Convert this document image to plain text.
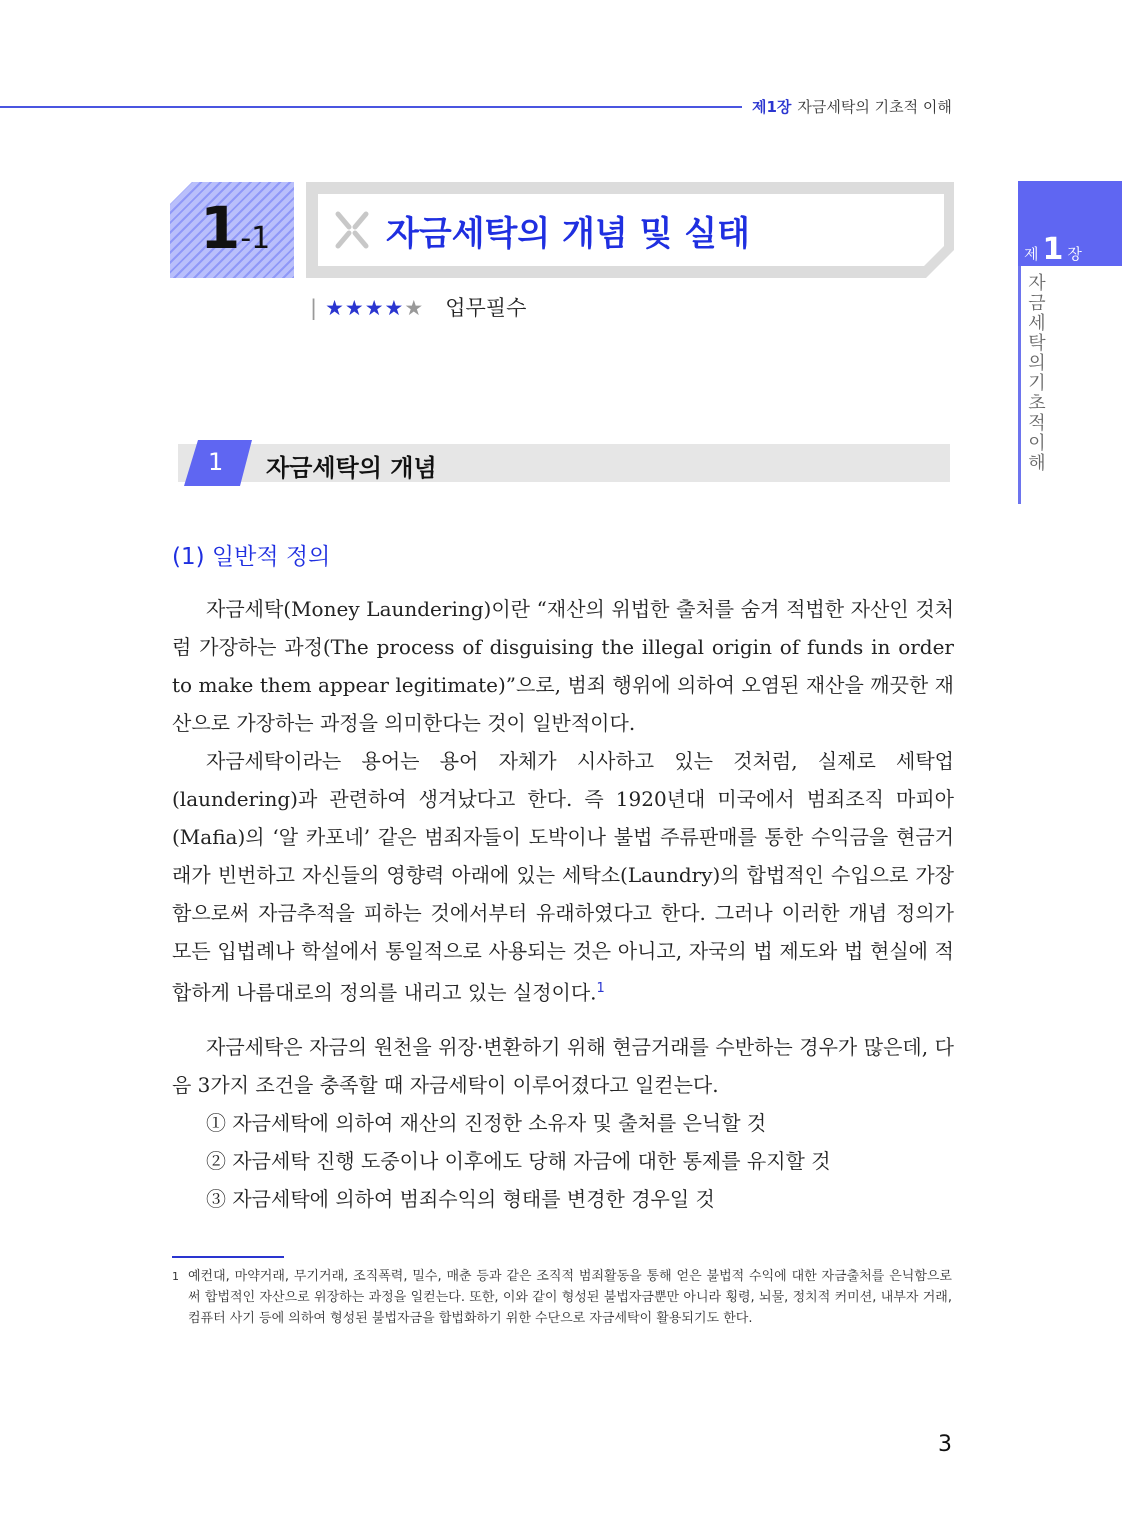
제1장 자금세탁의 기초적 이해
제 1 장
자금세탁의 기초적 이해
1-1	자금세탁의 개념 및 실태
| ★★★★★ 업무필수
1 자금세탁의 개념
(1) 일반적 정의

자금세탁(Money Laundering)이란 “재산의 위법한 출처를 숨겨 적법한 자산인 것처럼 가장하는 과정(The process of disguising the illegal origin of funds in order to make them appear legitimate)”으로, 범죄 행위에 의하여 오염된 재산을 깨끗한 재산으로 가장하는 과정을 의미한다는 것이 일반적이다.

자금세탁이라는 용어는 용어 자체가 시사하고 있는 것처럼, 실제로 세탁업(laundering)과 관련하여 생겨났다고 한다. 즉 1920년대 미국에서 범죄조직 마피아(Mafia)의 ‘알 카포네’ 같은 범죄자들이 도박이나 불법 주류판매를 통한 수익금을 현금거래가 빈번하고 자신들의 영향력 아래에 있는 세탁소(Laundry)의 합법적인 수입으로 가장함으로써 자금추적을 피하는 것에서부터 유래하였다고 한다. 그러나 이러한 개념 정의가 모든 입법례나 학설에서 통일적으로 사용되는 것은 아니고, 자국의 법 제도와 법 현실에 적합하게 나름대로의 정의를 내리고 있는 실정이다.$^1$

자금세탁은 자금의 원천을 위장·변환하기 위해 현금거래를 수반하는 경우가 많은데, 다음 3가지 조건을 충족할 때 자금세탁이 이루어졌다고 일컫는다.

① 자금세탁에 의하여 재산의 진정한 소유자 및 출처를 은닉할 것
② 자금세탁 진행 도중이나 이후에도 당해 자금에 대한 통제를 유지할 것
③ 자금세탁에 의하여 범죄수익의 형태를 변경한 경우일 것
1 예컨대, 마약거래, 무기거래, 조직폭력, 밀수, 매춘 등과 같은 조직적 범죄활동을 통해 얻은 불법적 수익에 대한 자금출처를 은닉함으로써 합법적인 자산으로 위장하는 과정을 일컫는다. 또한, 이와 같이 형성된 불법자금뿐만 아니라 횡령, 뇌물, 정치적 커미션, 내부자 거래, 컴퓨터 사기 등에 의하여 형성된 불법자금을 합법화하기 위한 수단으로 자금세탁이 활용되기도 한다.
3
